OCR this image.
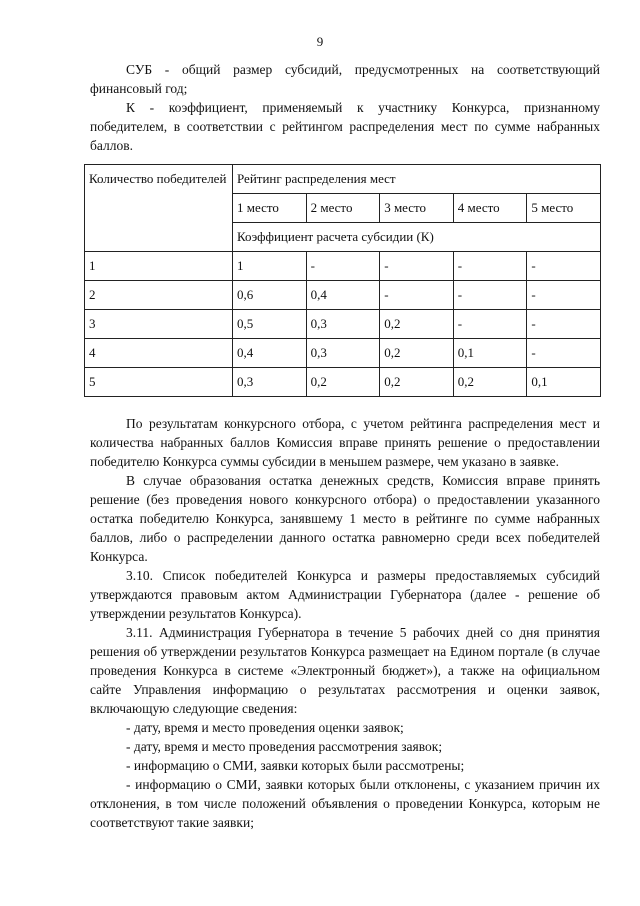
9

СУБ - общий размер субсидий, предусмотренных на соответствующий финансовый год;

К - коэффициент, применяемый к участнику Конкурса, признанному победителем, в соответствии с рейтингом распределения мест по сумме набранных баллов.

Количество победителей	Рейтинг распределения мест				
	1 место	2 место	3 место	4 место	5 место
	Коэффициент расчета субсидии (К)				
1	1	-	-	-	-
2	0,6	0,4	-	-	-
3	0,5	0,3	0,2	-	-
4	0,4	0,3	0,2	0,1	-
5	0,3	0,2	0,2	0,2	0,1

По результатам конкурсного отбора, с учетом рейтинга распределения мест и количества набранных баллов Комиссия вправе принять решение о предоставлении победителю Конкурса суммы субсидии в меньшем размере, чем указано в заявке.

В случае образования остатка денежных средств, Комиссия вправе принять решение (без проведения нового конкурсного отбора) о предоставлении указанного остатка победителю Конкурса, занявшему 1 место в рейтинге по сумме набранных баллов, либо о распределении данного остатка равномерно среди всех победителей Конкурса.

3.10. Список победителей Конкурса и размеры предоставляемых субсидий утверждаются правовым актом Администрации Губернатора (далее - решение об утверждении результатов Конкурса).

3.11. Администрация Губернатора в течение 5 рабочих дней со дня принятия решения об утверждении результатов Конкурса размещает на Едином портале (в случае проведения Конкурса в системе «Электронный бюджет»), а также на официальном сайте Управления информацию о результатах рассмотрения и оценки заявок, включающую следующие сведения:

- дату, время и место проведения оценки заявок;

- дату, время и место проведения рассмотрения заявок;

- информацию о СМИ, заявки которых были рассмотрены;

- информацию о СМИ, заявки которых были отклонены, с указанием причин их отклонения, в том числе положений объявления о проведении Конкурса, которым не соответствуют такие заявки;
